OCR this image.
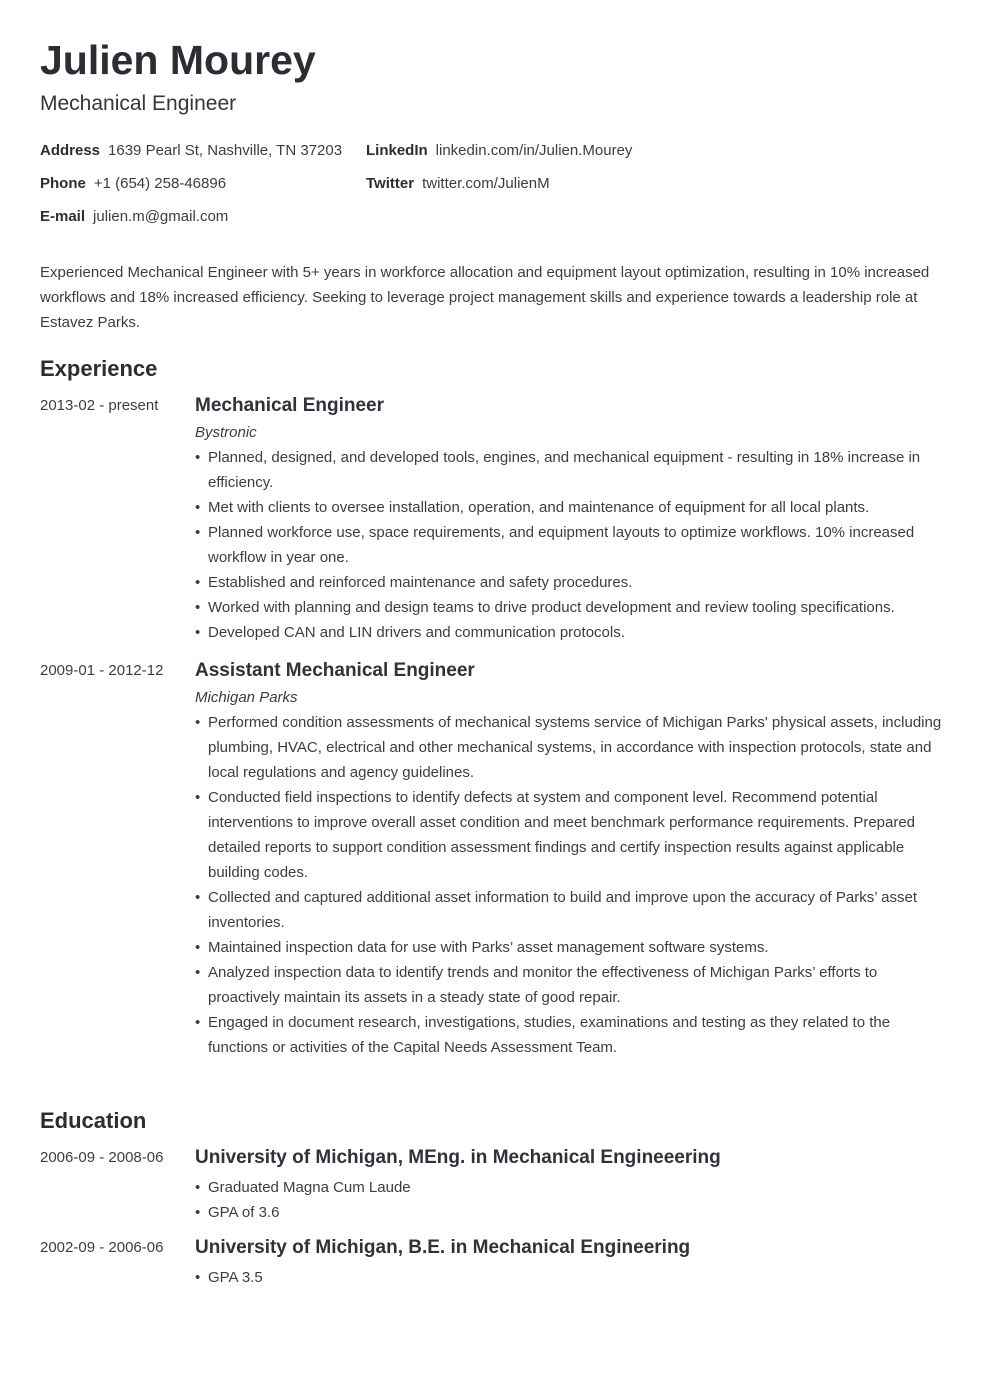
Julien Mourey
Mechanical Engineer
Address 1639 Pearl St, Nashville, TN 37203 LinkedIn linkedin.com/in/Julien.Mourey
Phone +1 (654) 258-46896	Twitter twitter.com/JulienM
E-mail julien.m@gmail.com

Experienced Mechanical Engineer with 5+ years in workforce allocation and equipment layout optimization, resulting in 10% increased workflows and 18% increased efficiency. Seeking to leverage project management skills and experience towards a leadership role at Estavez Parks.

Experience
2013-02 - present	Mechanical Engineer
Bystronic
• Planned, designed, and developed tools, engines, and mechanical equipment - resulting in 18% increase in efficiency.
• Met with clients to oversee installation, operation, and maintenance of equipment for all local plants.
• Planned workforce use, space requirements, and equipment layouts to optimize workflows. 10% increased workflow in year one.
• Established and reinforced maintenance and safety procedures.
• Worked with planning and design teams to drive product development and review tooling specifications.
• Developed CAN and LIN drivers and communication protocols.
2009-01 - 2012-12	Assistant Mechanical Engineer
Michigan Parks
• Performed condition assessments of mechanical systems service of Michigan Parks' physical assets, including plumbing, HVAC, electrical and other mechanical systems, in accordance with inspection protocols, state and local regulations and agency guidelines.
• Conducted field inspections to identify defects at system and component level. Recommend potential interventions to improve overall asset condition and meet benchmark performance requirements. Prepared detailed reports to support condition assessment findings and certify inspection results against applicable building codes.
• Collected and captured additional asset information to build and improve upon the accuracy of Parks’ asset inventories.
• Maintained inspection data for use with Parks’ asset management software systems.
• Analyzed inspection data to identify trends and monitor the effectiveness of Michigan Parks’ efforts to proactively maintain its assets in a steady state of good repair.
• Engaged in document research, investigations, studies, examinations and testing as they related to the functions or activities of the Capital Needs Assessment Team.
Education
2006-09 - 2008-06	University of Michigan, MEng. in Mechanical Engineeering
• Graduated Magna Cum Laude
• GPA of 3.6
2002-09 - 2006-06	University of Michigan, B.E. in Mechanical Engineering
• GPA 3.5
